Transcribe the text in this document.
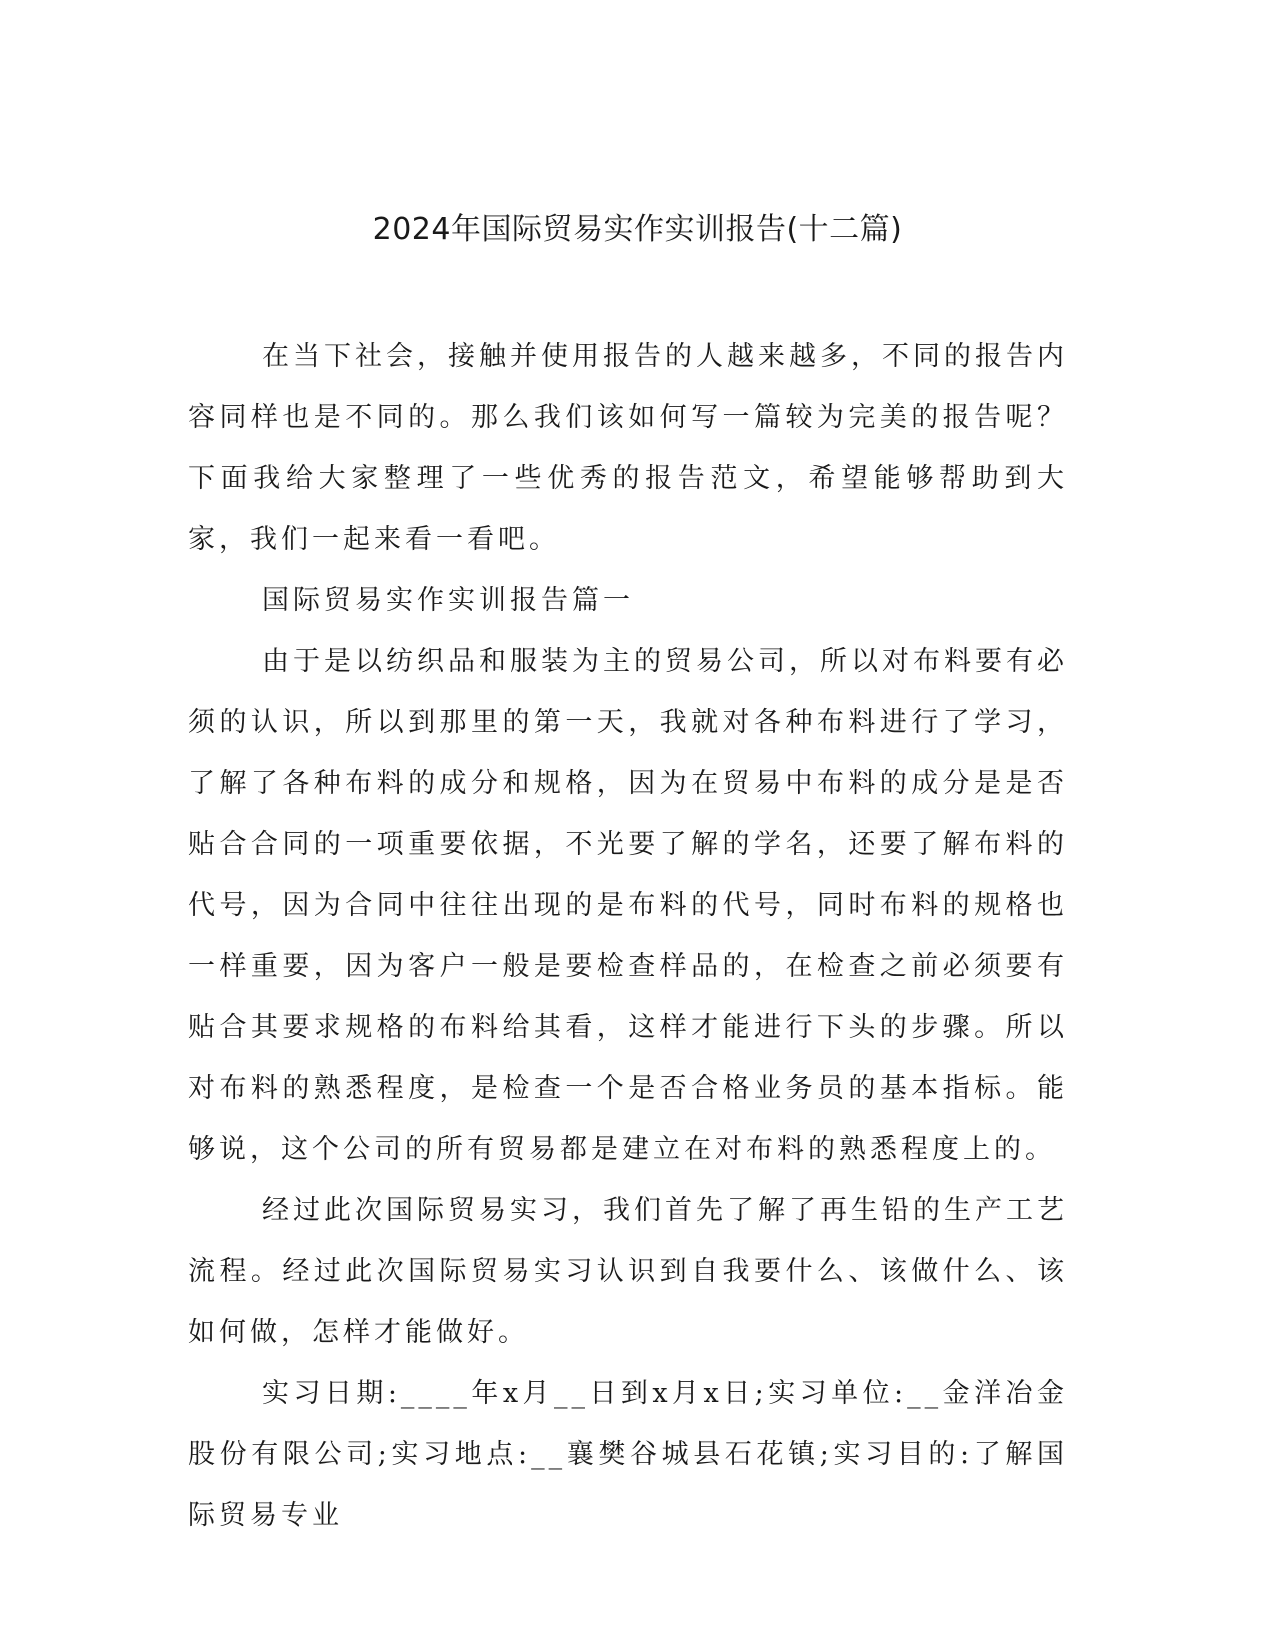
2024年国际贸易实作实训报告(十二篇)

在当下社会，接触并使用报告的人越来越多，不同的报告内容同样也是不同的。那么我们该如何写一篇较为完美的报告呢？下面我给大家整理了一些优秀的报告范文，希望能够帮助到大家，我们一起来看一看吧。

国际贸易实作实训报告篇一

由于是以纺织品和服装为主的贸易公司，所以对布料要有必须的认识，所以到那里的第一天，我就对各种布料进行了学习，了解了各种布料的成分和规格，因为在贸易中布料的成分是是否贴合合同的一项重要依据，不光要了解的学名，还要了解布料的代号，因为合同中往往出现的是布料的代号，同时布料的规格也一样重要，因为客户一般是要检查样品的，在检查之前必须要有贴合其要求规格的布料给其看，这样才能进行下头的步骤。所以对布料的熟悉程度，是检查一个是否合格业务员的基本指标。能够说，这个公司的所有贸易都是建立在对布料的熟悉程度上的。

经过此次国际贸易实习，我们首先了解了再生铅的生产工艺流程。经过此次国际贸易实习认识到自我要什么、该做什么、该如何做，怎样才能做好。

实习日期:____年x月__日到x月x日;实习单位:__金洋冶金股份有限公司;实习地点:__襄樊谷城县石花镇;实习目的:了解国际贸易专业
